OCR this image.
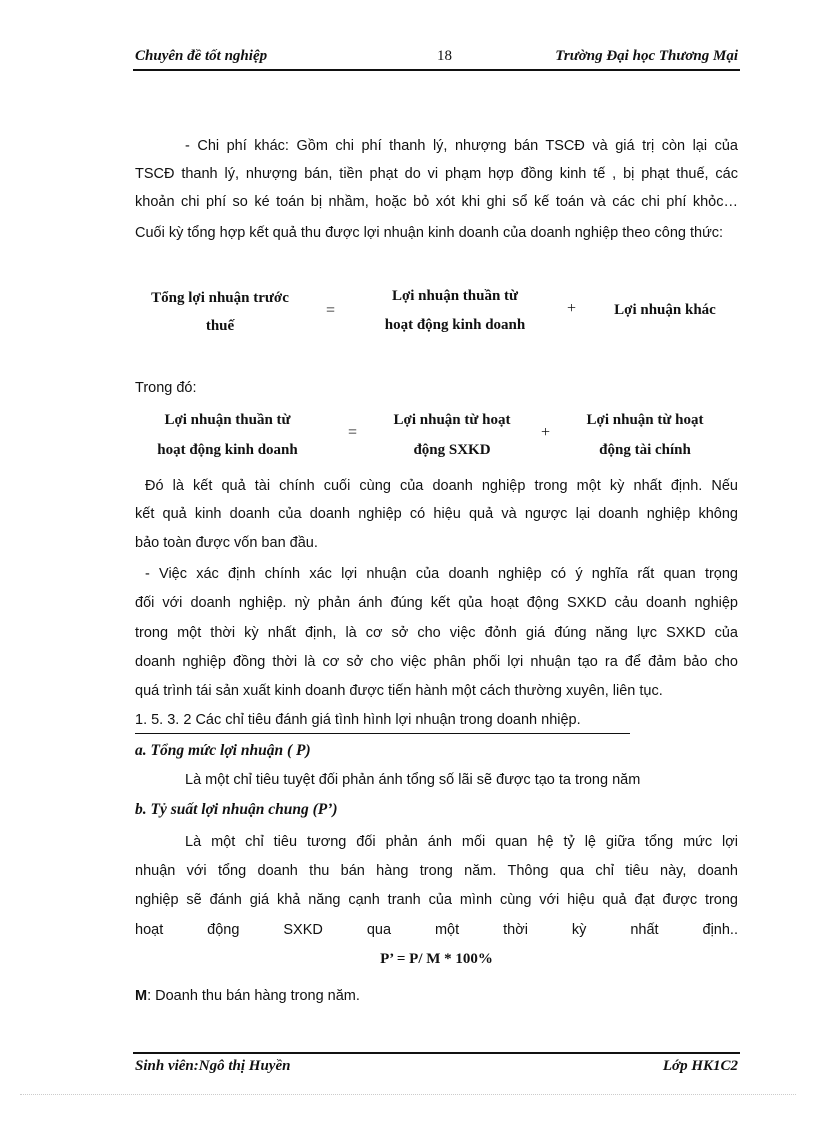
Chuyên đề tốt nghiệp	18	Trường Đại học Thương Mại
- Chi phí khác: Gồm chi phí thanh lý, nhượng bán TSCĐ và giá trị còn lại của
TSCĐ thanh lý, nhượng bán, tiền phạt do vi phạm hợp đồng kinh tế , bị phạt thuế, các
khoản chi phí so ké toán bị nhầm, hoặc bỏ xót khi ghi sổ kế toán và các chi phí khỏc…
Cuối kỳ tổng hợp kết quả thu được lợi nhuận kinh doanh của doanh nghiệp theo công thức:
Tổng lợi nhuận trước
thuế
=
Lợi nhuận thuần từ
hoạt động kinh doanh
+	Lợi nhuận khác
Trong đó:
Lợi nhuận thuần từ
hoạt động kinh doanh
=
Lợi nhuận từ hoạt
động SXKD
+
Lợi nhuận từ hoạt
động tài chính
Đó là kết quả tài chính cuối cùng của doanh nghiệp trong một kỳ nhất định. Nếu
kết quả kinh doanh của doanh nghiệp có hiệu quả và ngược lại doanh nghiệp không
bảo toàn được vốn ban đầu.
- Việc xác định chính xác lợi nhuận của doanh nghiệp có ý nghĩa rất quan trọng
đối với doanh nghiệp. nỳ phản ánh đúng kết qủa hoạt động SXKD cảu doanh nghiệp
trong một thời kỳ nhất định, là cơ sở cho việc đỏnh giá đúng năng lực SXKD của
doanh nghiệp đồng thời là cơ sở cho việc phân phối lợi nhuận tạo ra để đảm bảo cho
quá trình tái sản xuất kinh doanh được tiến hành một cách thường xuyên, liên tục.
1. 5. 3. 2 Các chỉ tiêu đánh giá tình hình lợi nhuận trong doanh nhiệp.
a. Tổng mức lợi nhuận ( P)
Là một chỉ tiêu tuyệt đối phản ánh tổng số lãi sẽ được tạo ta trong năm
b. Tỷ suất lợi nhuận chung (P’)
Là một chỉ tiêu tương đối phản ánh mối quan hệ tỷ lệ giữa tổng mức lợi
nhuận với tổng doanh thu bán hàng trong năm. Thông qua chỉ tiêu này, doanh
nghiệp sẽ đánh giá khả năng cạnh tranh của mình cùng với hiệu quả đạt được trong
hoạt động SXKD qua một thời kỳ nhất định..
P’ = P/ M * 100%
M: Doanh thu bán hàng trong năm.
Sinh viên:Ngô thị Huyền	Lớp HK1C2
